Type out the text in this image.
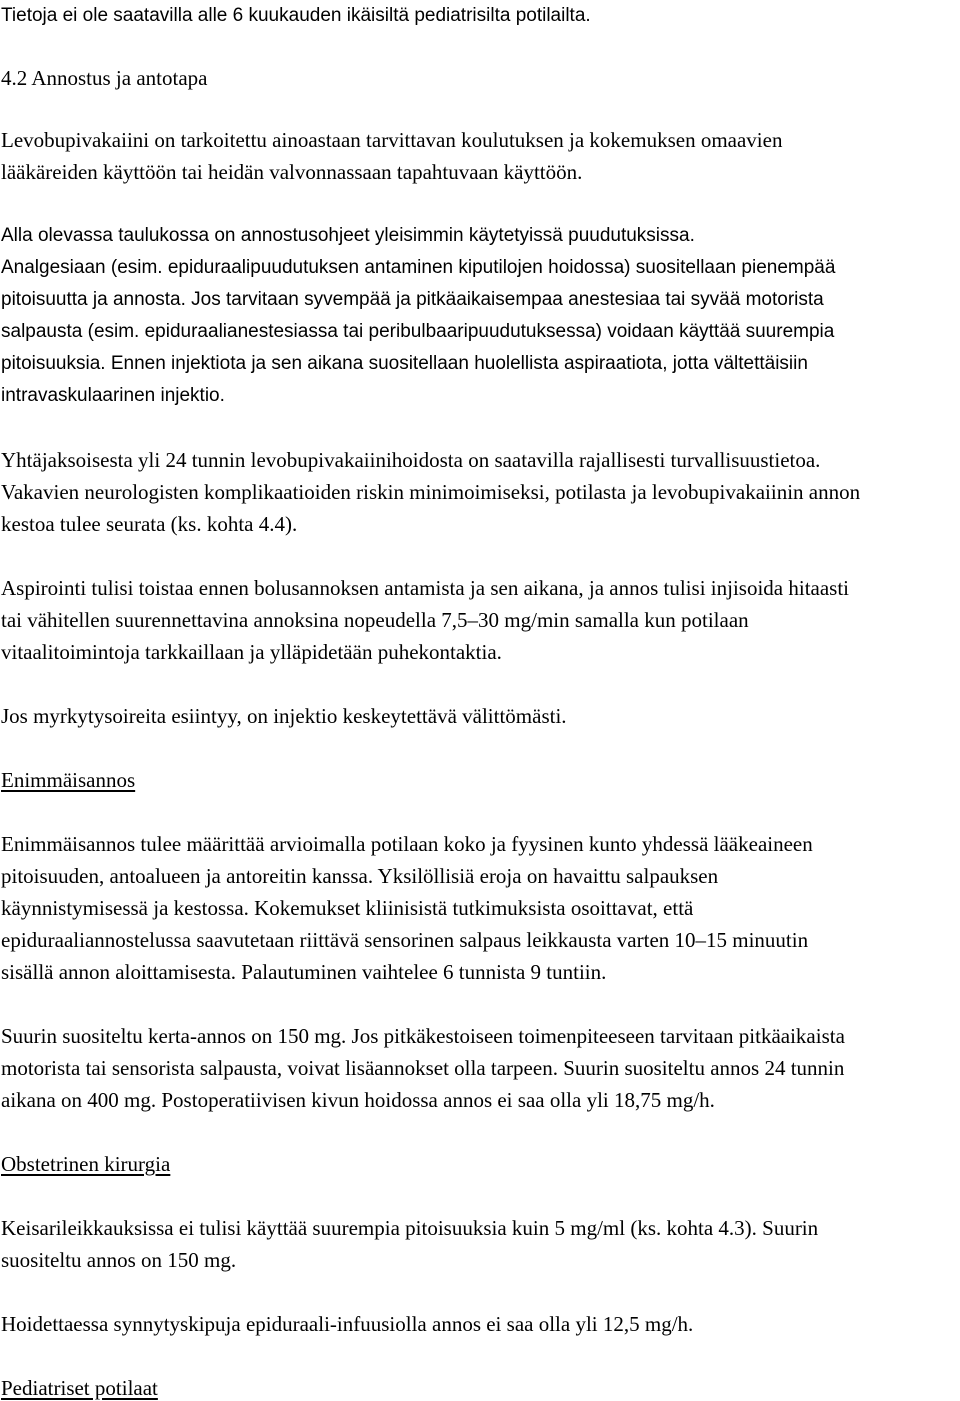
Tietoja ei ole saatavilla alle 6 kuukauden ikäisiltä pediatrisilta potilailta.
4.2 Annostus ja antotapa
Levobupivakaiini on tarkoitettu ainoastaan tarvittavan koulutuksen ja kokemuksen omaavien
lääkäreiden käyttöön tai heidän valvonnassaan tapahtuvaan käyttöön.
Alla olevassa taulukossa on annostusohjeet yleisimmin käytetyissä puudutuksissa.
Analgesiaan (esim. epiduraalipuudutuksen antaminen kiputilojen hoidossa) suositellaan pienempää
pitoisuutta ja annosta. Jos tarvitaan syvempää ja pitkäaikaisempaa anestesiaa tai syvää motorista
salpausta (esim. epiduraalianestesiassa tai peribulbaaripuudutuksessa) voidaan käyttää suurempia
pitoisuuksia. Ennen injektiota ja sen aikana suositellaan huolellista aspiraatiota, jotta vältettäisiin
intravaskulaarinen injektio.
Yhtäjaksoisesta yli 24 tunnin levobupivakaiinihoidosta on saatavilla rajallisesti turvallisuustietoa.
Vakavien neurologisten komplikaatioiden riskin minimoimiseksi, potilasta ja levobupivakaiinin annon
kestoa tulee seurata (ks. kohta 4.4).
Aspirointi tulisi toistaa ennen bolusannoksen antamista ja sen aikana, ja annos tulisi injisoida hitaasti
tai vähitellen suurennettavina annoksina nopeudella 7,5–30 mg/min samalla kun potilaan
vitaalitoimintoja tarkkaillaan ja ylläpidetään puhekontaktia.
Jos myrkytysoireita esiintyy, on injektio keskeytettävä välittömästi.
Enimmäisannos
Enimmäisannos tulee määrittää arvioimalla potilaan koko ja fyysinen kunto yhdessä lääkeaineen
pitoisuuden, antoalueen ja antoreitin kanssa. Yksilöllisiä eroja on havaittu salpauksen
käynnistymisessä ja kestossa. Kokemukset kliinisistä tutkimuksista osoittavat, että
epiduraaliannostelussa saavutetaan riittävä sensorinen salpaus leikkausta varten 10–15 minuutin
sisällä annon aloittamisesta. Palautuminen vaihtelee 6 tunnista 9 tuntiin.
Suurin suositeltu kerta-annos on 150 mg. Jos pitkäkestoiseen toimenpiteeseen tarvitaan pitkäaikaista
motorista tai sensorista salpausta, voivat lisäannokset olla tarpeen. Suurin suositeltu annos 24 tunnin
aikana on 400 mg. Postoperatiivisen kivun hoidossa annos ei saa olla yli 18,75 mg/h.
Obstetrinen kirurgia
Keisarileikkauksissa ei tulisi käyttää suurempia pitoisuuksia kuin 5 mg/ml (ks. kohta 4.3). Suurin
suositeltu annos on 150 mg.
Hoidettaessa synnytyskipuja epiduraali-infuusiolla annos ei saa olla yli 12,5 mg/h.
Pediatriset potilaat
